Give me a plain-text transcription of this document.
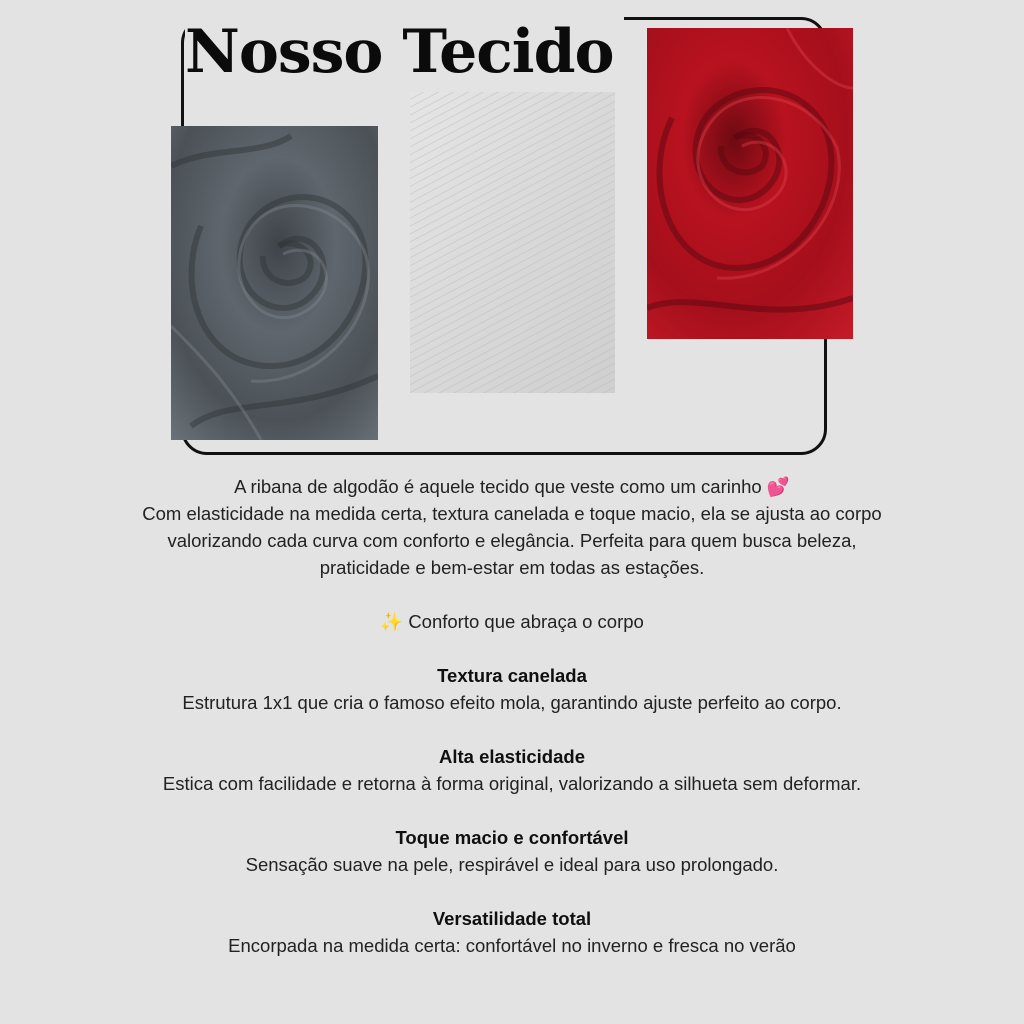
Nosso Tecido

A ribana de algodão é aquele tecido que veste como um carinho 💕

Com elasticidade na medida certa, textura canelada e toque macio, ela se ajusta ao corpo valorizando cada curva com conforto e elegância. Perfeita para quem busca beleza, praticidade e bem-estar em todas as estações.

✨ Conforto que abraça o corpo

Textura canelada

Estrutura 1x1 que cria o famoso efeito mola, garantindo ajuste perfeito ao corpo.

Alta elasticidade

Estica com facilidade e retorna à forma original, valorizando a silhueta sem deformar.

Toque macio e confortável

Sensação suave na pele, respirável e ideal para uso prolongado.

Versatilidade total

Encorpada na medida certa: confortável no inverno e fresca no verão
